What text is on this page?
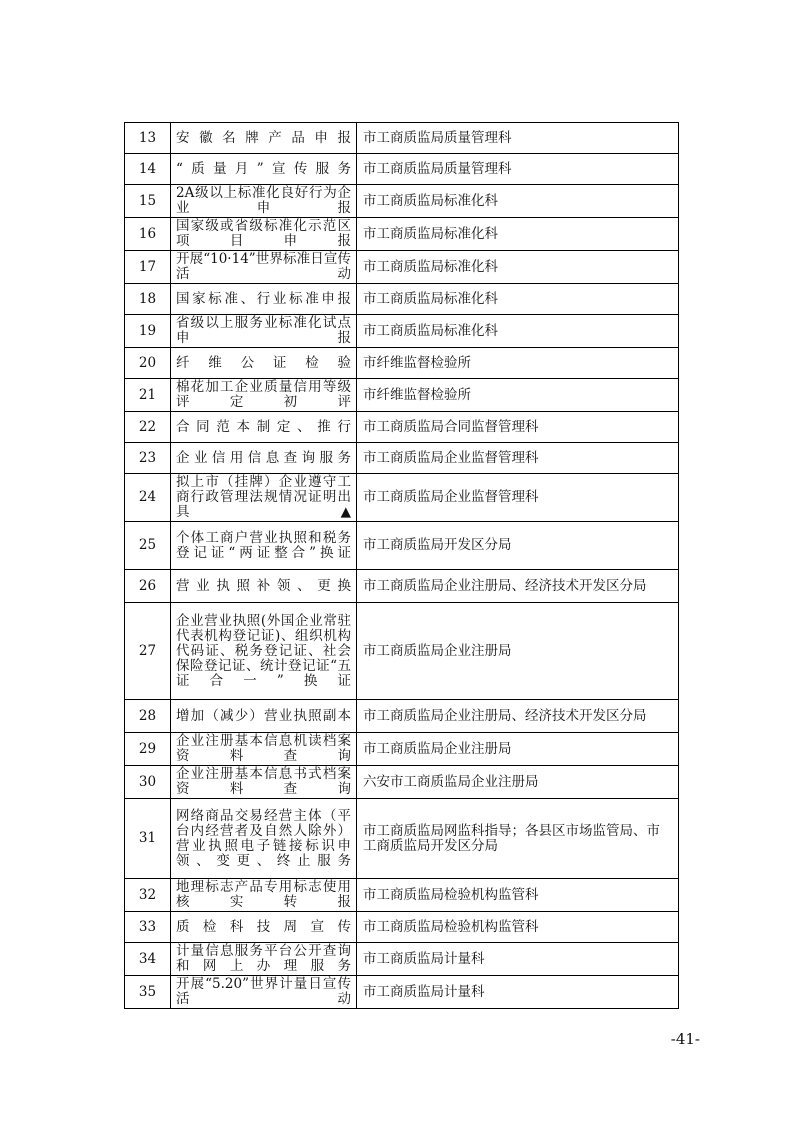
13	安徽名牌产品申报	市工商质监局质量管理科
14	“质量月”宣传服务	市工商质监局质量管理科
15	2A级以上标准化良好行为企业申报	市工商质监局标准化科
16	国家级或省级标准化示范区项目申报	市工商质监局标准化科
17	开展“10·14”世界标准日宣传活动	市工商质监局标准化科
18	国家标准、行业标准申报	市工商质监局标准化科
19	省级以上服务业标准化试点申报	市工商质监局标准化科
20	纤维公证检验	市纤维监督检验所
21	棉花加工企业质量信用等级评定初评	市纤维监督检验所
22	合同范本制定、推行	市工商质监局合同监督管理科
23	企业信用信息查询服务	市工商质监局企业监督管理科
24	拟上市（挂牌）企业遵守工商行政管理法规情况证明出具▲	市工商质监局企业监督管理科
25	个体工商户营业执照和税务登记证“两证整合”换证	市工商质监局开发区分局
26	营业执照补领、更换	市工商质监局企业注册局、经济技术开发区分局
27	企业营业执照(外国企业常驻代表机构登记证)、组织机构代码证、税务登记证、社会保险登记证、统计登记证“五证合一”换证	市工商质监局企业注册局
28	增加（减少）营业执照副本	市工商质监局企业注册局、经济技术开发区分局
29	企业注册基本信息机读档案资料查询	市工商质监局企业注册局
30	企业注册基本信息书式档案资料查询	六安市工商质监局企业注册局
31	网络商品交易经营主体（平台内经营者及自然人除外）营业执照电子链接标识申领、变更、终止服务	市工商质监局网监科指导；各县区市场监管局、市工商质监局开发区分局
32	地理标志产品专用标志使用核实转报	市工商质监局检验机构监管科
33	质检科技周宣传	市工商质监局检验机构监管科
34	计量信息服务平台公开查询和网上办理服务	市工商质监局计量科
35	开展“5.20”世界计量日宣传活动	市工商质监局计量科
-41-
